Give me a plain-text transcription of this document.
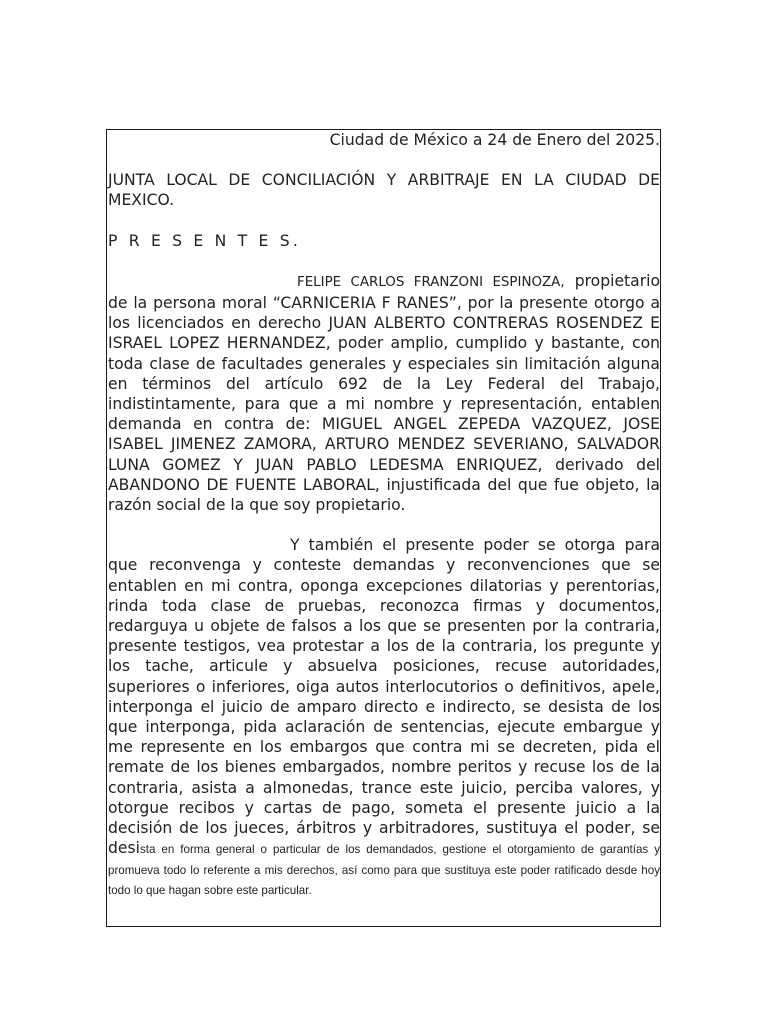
Ciudad de México a 24 de Enero del 2025.

JUNTA LOCAL DE CONCILIACIÓN Y ARBITRAJE EN LA CIUDAD DE MEXICO.

P R E S E N T E S.

FELIPE CARLOS FRANZONI ESPINOZA, propietario de la persona moral “CARNICERIA F RANES”, por la presente otorgo a los licenciados en derecho JUAN ALBERTO CONTRERAS ROSENDEZ E ISRAEL LOPEZ HERNANDEZ, poder amplio, cumplido y bastante, con toda clase de facultades generales y especiales sin limitación alguna en términos del artículo 692 de la Ley Federal del Trabajo, indistintamente, para que a mi nombre y representación, entablen demanda en contra de: MIGUEL ANGEL ZEPEDA VAZQUEZ, JOSE ISABEL JIMENEZ ZAMORA, ARTURO MENDEZ SEVERIANO, SALVADOR LUNA GOMEZ Y JUAN PABLO LEDESMA ENRIQUEZ, derivado del ABANDONO DE FUENTE LABORAL, injustificada del que fue objeto, la razón social de la que soy propietario.

Y también el presente poder se otorga para que reconvenga y conteste demandas y reconvenciones que se entablen en mi contra, oponga excepciones dilatorias y perentorias, rinda toda clase de pruebas, reconozca firmas y documentos, redarguya u objete de falsos a los que se presenten por la contraria, presente testigos, vea protestar a los de la contraria, los pregunte y los tache, articule y absuelva posiciones, recuse autoridades, superiores o inferiores, oiga autos interlocutorios o definitivos, apele, interponga el juicio de amparo directo e indirecto, se desista de los que interponga, pida aclaración de sentencias, ejecute embargue y me represente en los embargos que contra mi se decreten, pida el remate de los bienes embargados, nombre peritos y recuse los de la contraria, asista a almonedas, trance este juicio, perciba valores, y otorgue recibos y cartas de pago, someta el presente juicio a la decisión de los jueces, árbitros y arbitradores, sustituya el poder, se desista en forma general o particular de los demandados, gestione el otorgamiento de garantías y promueva todo lo referente a mis derechos, así como para que sustituya este poder ratificado desde hoy todo lo que hagan sobre este particular.
